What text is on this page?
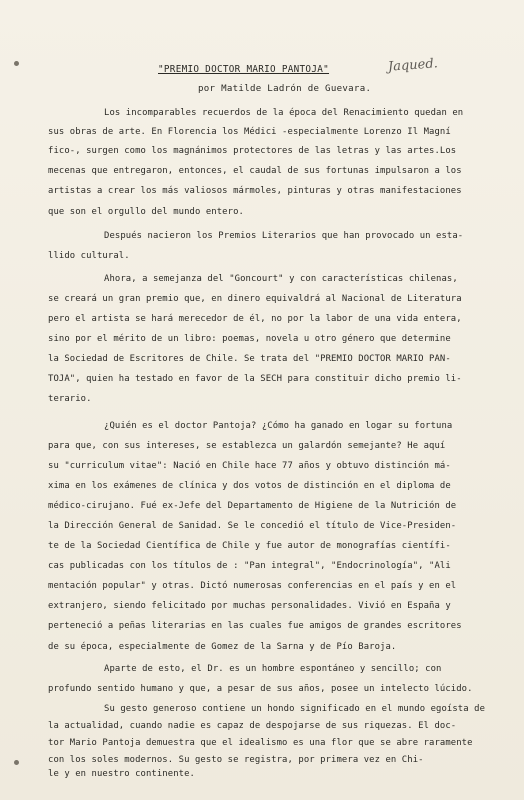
"PREMIO DOCTOR MARIO PANTOJA"	Jaqued.
por Matilde Ladrón de Guevara.
Los incomparables recuerdos de la época del Renacimiento quedan en
sus obras de arte. En Florencia los Médici -especialmente Lorenzo Il Magní
fico-, surgen como los magnánimos protectores de las letras y las artes.Los
mecenas que entregaron, entonces, el caudal de sus fortunas impulsaron a los
artistas a crear los más valiosos mármoles, pinturas y otras manifestaciones
que son el orgullo del mundo entero.
Después nacieron los Premios Literarios que han provocado un esta-
llido cultural.
Ahora, a semejanza del "Goncourt" y con características chilenas,
se creará un gran premio que, en dinero equivaldrá al Nacional de Literatura
pero el artista se hará merecedor de él, no por la labor de una vida entera,
sino por el mérito de un libro: poemas, novela u otro género que determine
la Sociedad de Escritores de Chile. Se trata del "PREMIO DOCTOR MARIO PAN-
TOJA", quien ha testado en favor de la SECH para constituir dicho premio li-
terario.
¿Quién es el doctor Pantoja? ¿Cómo ha ganado en logar su fortuna
para que, con sus intereses, se establezca un galardón semejante? He aquí
su "curriculum vitae": Nació en Chile hace 77 años y obtuvo distinción má-
xima en los exámenes de clínica y dos votos de distinción en el diploma de
médico-cirujano. Fué ex-Jefe del Departamento de Higiene de la Nutrición de
la Dirección General de Sanidad. Se le concedió el título de Vice-Presiden-
te de la Sociedad Científica de Chile y fue autor de monografías científi-
cas publicadas con los títulos de : "Pan integral", "Endocrinología", "Ali
mentación popular" y otras. Dictó numerosas conferencias en el país y en el
extranjero, siendo felicitado por muchas personalidades. Vivió en España y
perteneció a peñas literarias en las cuales fue amigos de grandes escritores
de su época, especialmente de Gomez de la Sarna y de Pío Baroja.
Aparte de esto, el Dr. es un hombre espontáneo y sencillo; con
profundo sentido humano y que, a pesar de sus años, posee un intelecto lúcido.
Su gesto generoso contiene un hondo significado en el mundo egoísta de
la actualidad, cuando nadie es capaz de despojarse de sus riquezas. El doc-
tor Mario Pantoja demuestra que el idealismo es una flor que se abre raramente
con los soles modernos. Su gesto se registra, por primera vez en Chi-
le y en nuestro continente.
